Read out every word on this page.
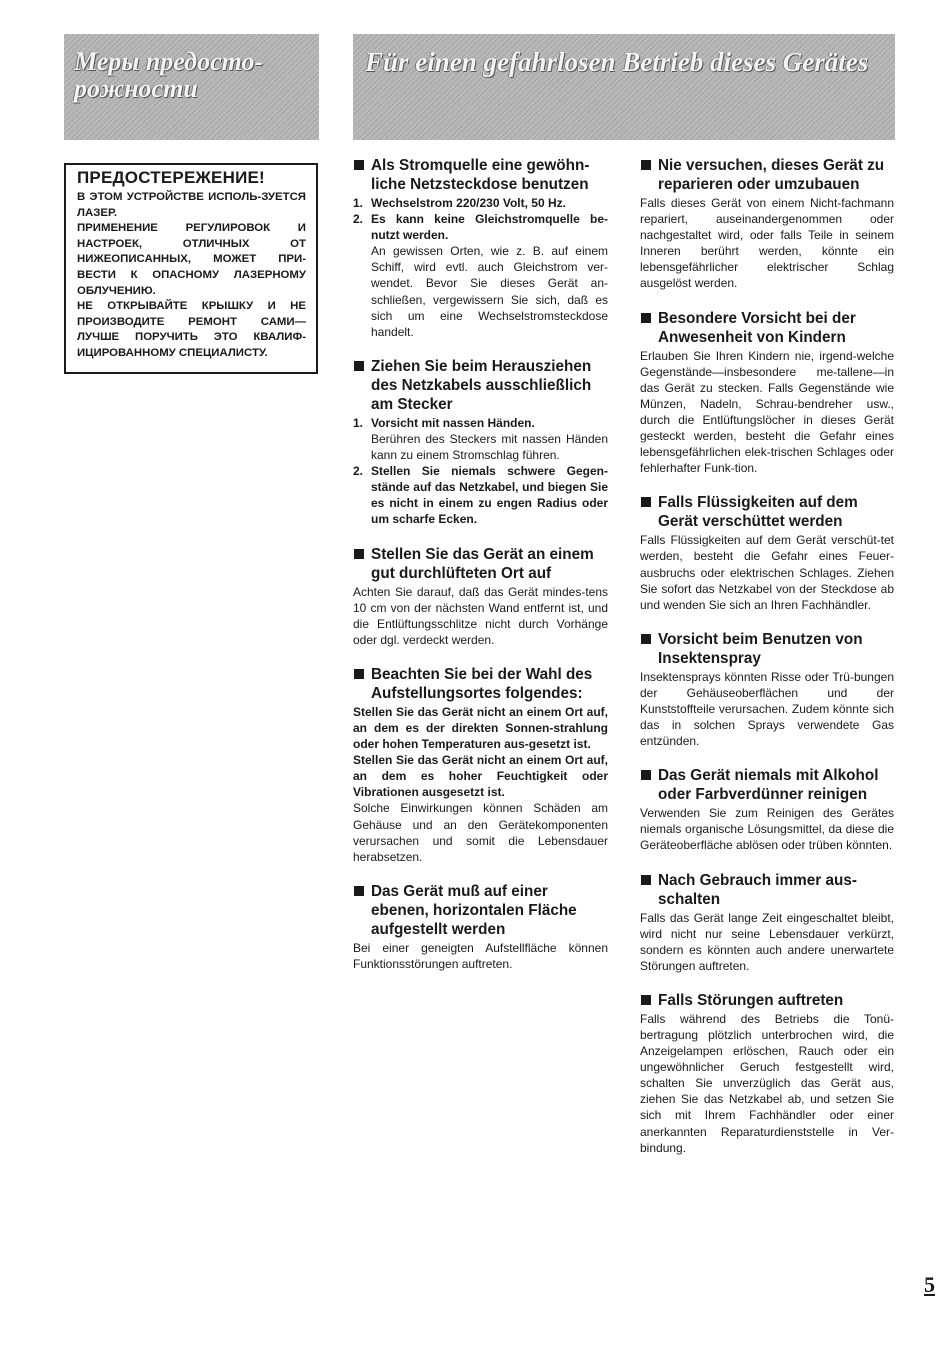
Меры предосто-рожности
Für einen gefahrlosen Betrieb dieses Gerätes
ПРЕДОСТЕРЕЖЕНИЕ!

В ЭТОМ УСТРОЙСТВЕ ИСПОЛЬ-ЗУЕТСЯ ЛАЗЕР.

ПРИМЕНЕНИЕ РЕГУЛИРОВОК И НАСТРОЕК, ОТЛИЧНЫХ ОТ НИЖЕОПИСАННЫХ, МОЖЕТ ПРИ-ВЕСТИ К ОПАСНОМУ ЛАЗЕРНОМУ ОБЛУЧЕНИЮ.

НЕ ОТКРЫВАЙТЕ КРЫШКУ И НЕ ПРОИЗВОДИТЕ РЕМОНТ САМИ—ЛУЧШЕ ПОРУЧИТЬ ЭТО КВАЛИФ-ИЦИРОВАННОМУ СПЕЦИАЛИСТУ.

Als Stromquelle eine gewöhn-liche Netzsteckdose benutzen
1. Wechselstrom 220/230 Volt, 50 Hz.
2. Es kann keine Gleichstromquelle be-nutzt werden.
An gewissen Orten, wie z. B. auf einem Schiff, wird evtl. auch Gleichstrom ver-wendet. Bevor Sie dieses Gerät an-schließen, vergewissern Sie sich, daß es sich um eine Wechselstromsteckdose handelt.
Ziehen Sie beim Herausziehen des Netzkabels ausschließlich am Stecker
1. Vorsicht mit nassen Händen.
Berühren des Steckers mit nassen Händen kann zu einem Stromschlag führen.
2. Stellen Sie niemals schwere Gegen-stände auf das Netzkabel, und biegen Sie es nicht in einem zu engen Radius oder um scharfe Ecken.
Stellen Sie das Gerät an einem gut durchlüfteten Ort auf

Achten Sie darauf, daß das Gerät mindes-tens 10 cm von der nächsten Wand entfernt ist, und die Entlüftungsschlitze nicht durch Vorhänge oder dgl. verdeckt werden.

Beachten Sie bei der Wahl des Aufstellungsortes folgendes:

Stellen Sie das Gerät nicht an einem Ort auf, an dem es der direkten Sonnen-strahlung oder hohen Temperaturen aus-gesetzt ist.

Stellen Sie das Gerät nicht an einem Ort auf, an dem es hoher Feuchtigkeit oder Vibrationen ausgesetzt ist.

Solche Einwirkungen können Schäden am Gehäuse und an den Gerätekomponenten verursachen und somit die Lebensdauer herabsetzen.

Das Gerät muß auf einer ebenen, horizontalen Fläche aufgestellt werden

Bei einer geneigten Aufstellfläche können Funktionsstörungen auftreten.

Nie versuchen, dieses Gerät zu reparieren oder umzubauen

Falls dieses Gerät von einem Nicht-fachmann repariert, auseinandergenommen oder nachgestaltet wird, oder falls Teile in seinem Inneren berührt werden, könnte ein lebensgefährlicher elektrischer Schlag ausgelöst werden.

Besondere Vorsicht bei der Anwesenheit von Kindern

Erlauben Sie Ihren Kindern nie, irgend-welche Gegenstände—insbesondere me-tallene—in das Gerät zu stecken. Falls Gegenstände wie Münzen, Nadeln, Schrau-bendreher usw., durch die Entlüftungslöcher in dieses Gerät gesteckt werden, besteht die Gefahr eines lebensgefährlichen elek-trischen Schlages oder fehlerhafter Funk-tion.

Falls Flüssigkeiten auf dem Gerät verschüttet werden

Falls Flüssigkeiten auf dem Gerät verschüt-tet werden, besteht die Gefahr eines Feuer-ausbruchs oder elektrischen Schlages. Ziehen Sie sofort das Netzkabel von der Steckdose ab und wenden Sie sich an Ihren Fachhändler.

Vorsicht beim Benutzen von Insektenspray

Insektensprays könnten Risse oder Trü-bungen der Gehäuseoberflächen und der Kunststoffteile verursachen. Zudem könnte sich das in solchen Sprays verwendete Gas entzünden.

Das Gerät niemals mit Alkohol oder Farbverdünner reinigen

Verwenden Sie zum Reinigen des Gerätes niemals organische Lösungsmittel, da diese die Geräteoberfläche ablösen oder trüben könnten.

Nach Gebrauch immer aus-schalten

Falls das Gerät lange Zeit eingeschaltet bleibt, wird nicht nur seine Lebensdauer verkürzt, sondern es könnten auch andere unerwartete Störungen auftreten.

Falls Störungen auftreten

Falls während des Betriebs die Tonü-bertragung plötzlich unterbrochen wird, die Anzeigelampen erlöschen, Rauch oder ein ungewöhnlicher Geruch festgestellt wird, schalten Sie unverzüglich das Gerät aus, ziehen Sie das Netzkabel ab, und setzen Sie sich mit Ihrem Fachhändler oder einer anerkannten Reparaturdienststelle in Ver-bindung.

5
